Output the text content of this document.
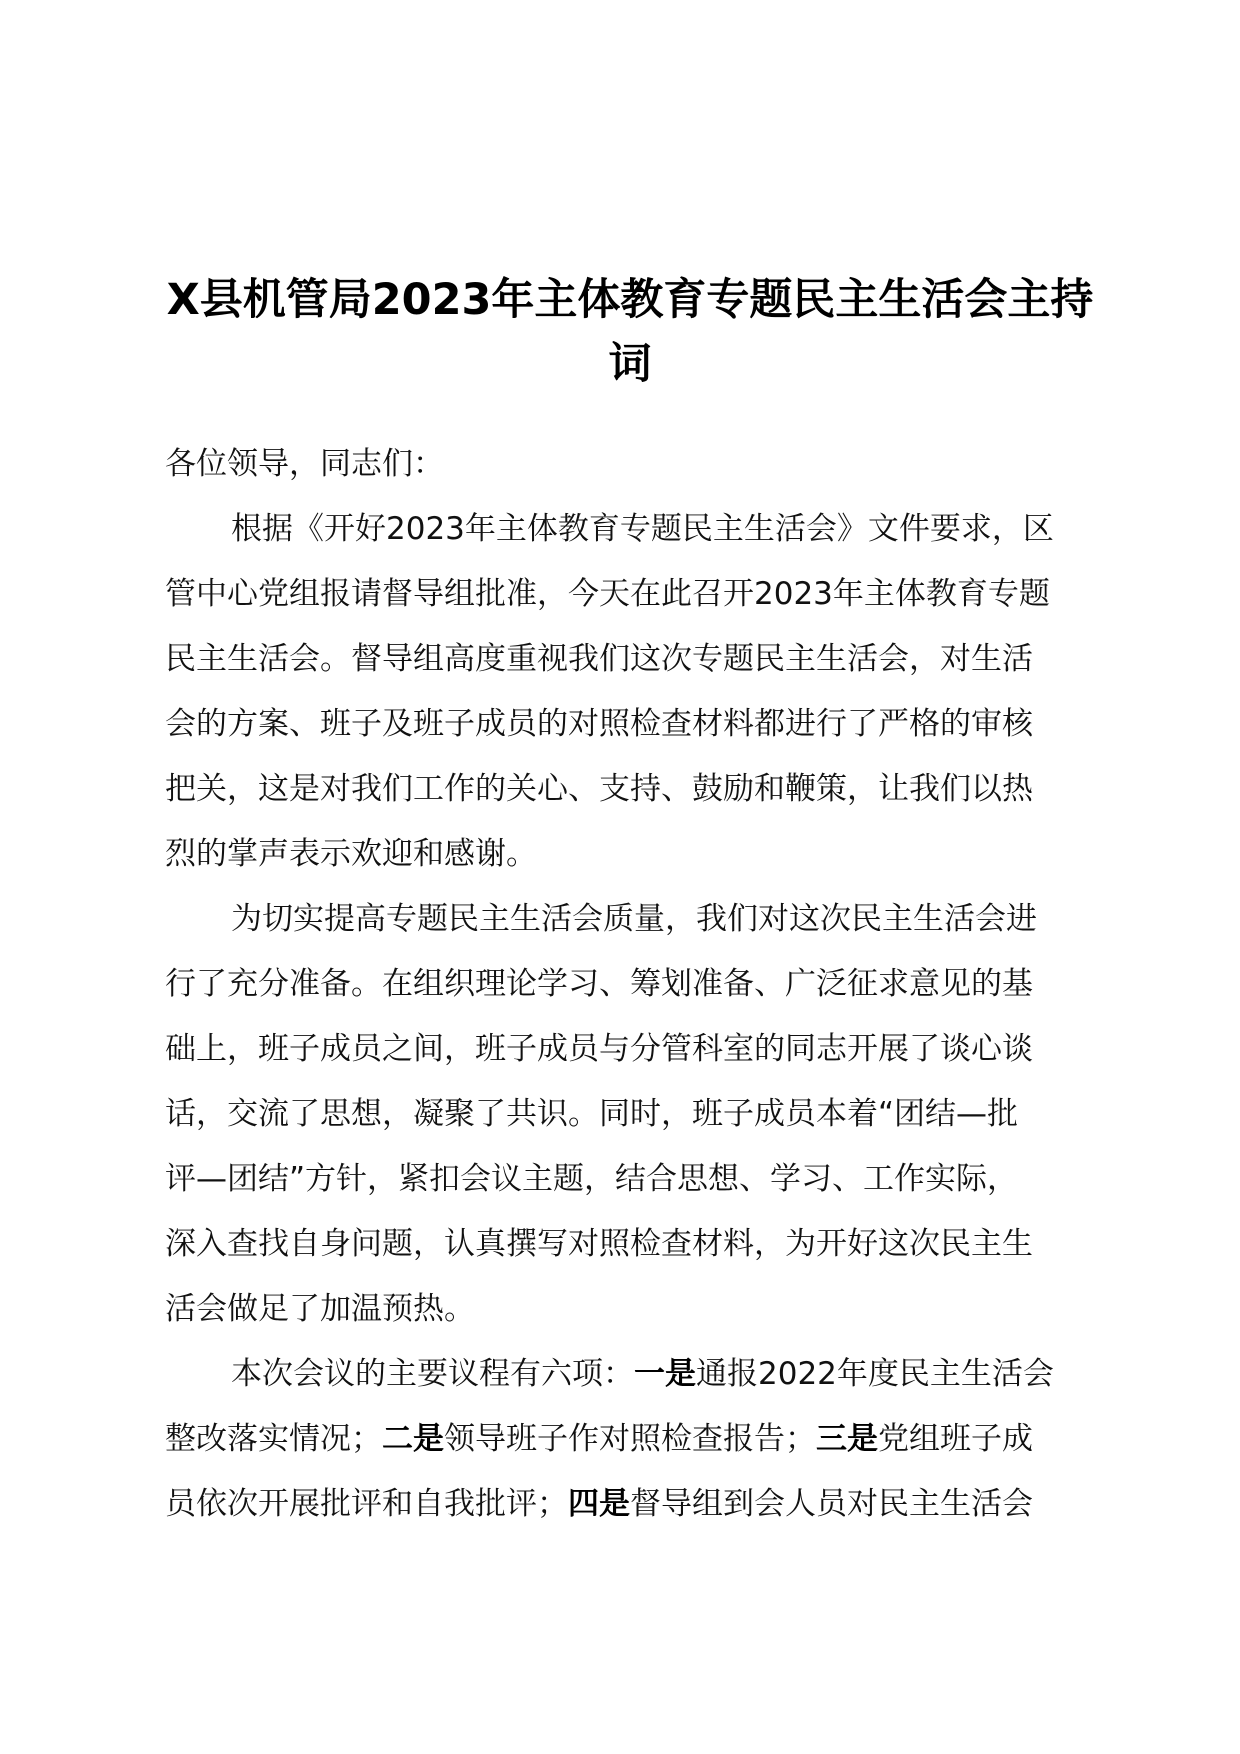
X县机管局2023年主体教育专题民主生活会主持词
各位领导，同志们：
根据《开好2023年主体教育专题民主生活会》文件要求，区
管中心党组报请督导组批准，今天在此召开2023年主体教育专题
民主生活会。督导组高度重视我们这次专题民主生活会，对生活
会的方案、班子及班子成员的对照检查材料都进行了严格的审核
把关，这是对我们工作的关心、支持、鼓励和鞭策，让我们以热
烈的掌声表示欢迎和感谢。
为切实提高专题民主生活会质量，我们对这次民主生活会进
行了充分准备。在组织理论学习、筹划准备、广泛征求意见的基
础上，班子成员之间，班子成员与分管科室的同志开展了谈心谈
话，交流了思想，凝聚了共识。同时，班子成员本着“团结—批
评—团结”方针，紧扣会议主题，结合思想、学习、工作实际，
深入查找自身问题，认真撰写对照检查材料，为开好这次民主生
活会做足了加温预热。
本次会议的主要议程有六项：一是通报2022年度民主生活会
整改落实情况；二是领导班子作对照检查报告；三是党组班子成
员依次开展批评和自我批评；四是督导组到会人员对民主生活会
